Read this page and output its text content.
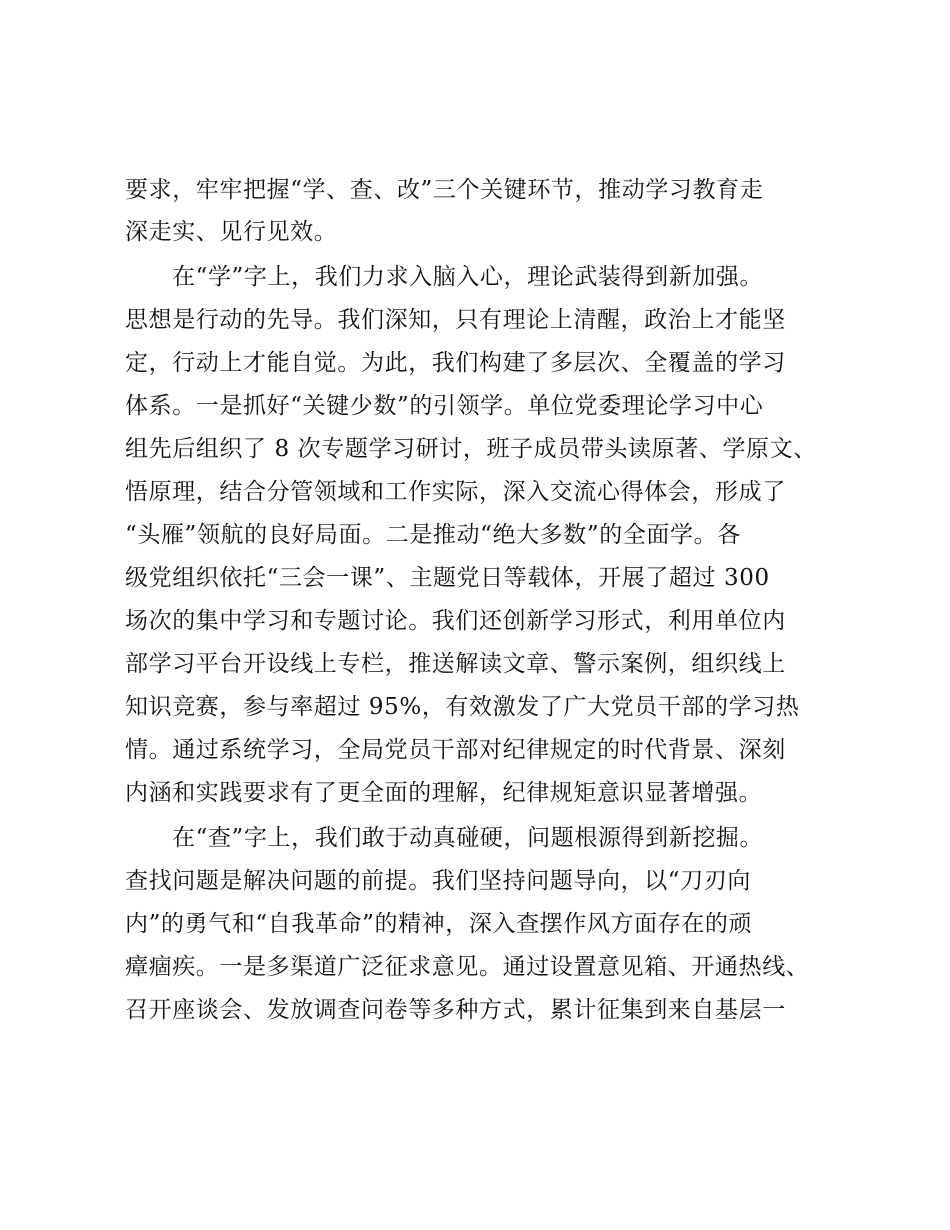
要求，牢牢把握“学、查、改”三个关键环节，推动学习教育走
深走实、见行见效。
在“学”字上，我们力求入脑入心，理论武装得到新加强。
思想是行动的先导。我们深知，只有理论上清醒，政治上才能坚
定，行动上才能自觉。为此，我们构建了多层次、全覆盖的学习
体系。一是抓好“关键少数”的引领学。单位党委理论学习中心
组先后组织了 8 次专题学习研讨，班子成员带头读原著、学原文、
悟原理，结合分管领域和工作实际，深入交流心得体会，形成了
“头雁”领航的良好局面。二是推动“绝大多数”的全面学。各
级党组织依托“三会一课”、主题党日等载体，开展了超过 300
场次的集中学习和专题讨论。我们还创新学习形式，利用单位内
部学习平台开设线上专栏，推送解读文章、警示案例，组织线上
知识竞赛，参与率超过 95%，有效激发了广大党员干部的学习热
情。通过系统学习，全局党员干部对纪律规定的时代背景、深刻
内涵和实践要求有了更全面的理解，纪律规矩意识显著增强。
在“查”字上，我们敢于动真碰硬，问题根源得到新挖掘。
查找问题是解决问题的前提。我们坚持问题导向，以“刀刃向
内”的勇气和“自我革命”的精神，深入查摆作风方面存在的顽
瘴痼疾。一是多渠道广泛征求意见。通过设置意见箱、开通热线、
召开座谈会、发放调查问卷等多种方式，累计征集到来自基层一
